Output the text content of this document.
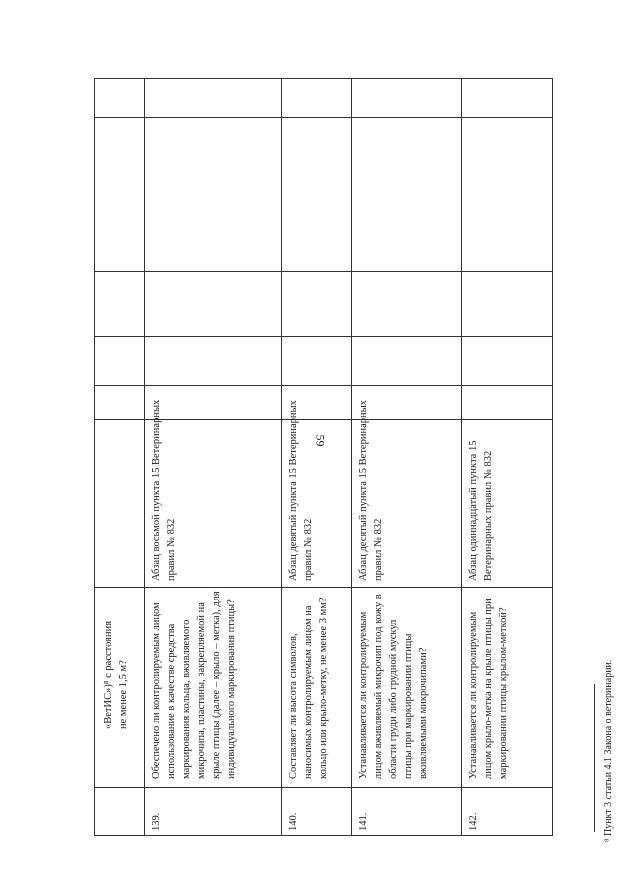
59
«ВетИС»)⁸ с расстояния не менее 1,5 м?
139.
Обеспечено ли контролируемым лицом использование в качестве средства маркирования кольца, вживляемого микрочипа, пластины, закрепляемой на крыле птицы (далее – крыло – метка), для индивидуального маркирования птицы?
Абзац восьмой пункта 15 Ветеринарных правил № 832
140.
Составляет ли высота символов, наносимых контролируемым лицом на кольцо или крыло-метку, не менее 3 мм?
Абзац девятый пункта 15 Ветеринарных правил № 832
141.
Устанавливается ли контролируемым лицом вживляемый микрочип под кожу в области груди либо грудной мускул птицы при маркировании птицы вживляемыми микрочипами?
Абзац десятый пункта 15 Ветеринарных правил № 832
142.
Устанавливается ли контролируемым лицом крыло-метка на крыле птицы при маркировании птицы крылом-меткой?
Абзац одиннадцатый пункта 15 Ветеринарных правил № 832
⁸ Пункт 3 статьи 4.1 Закона о ветеринарии.
